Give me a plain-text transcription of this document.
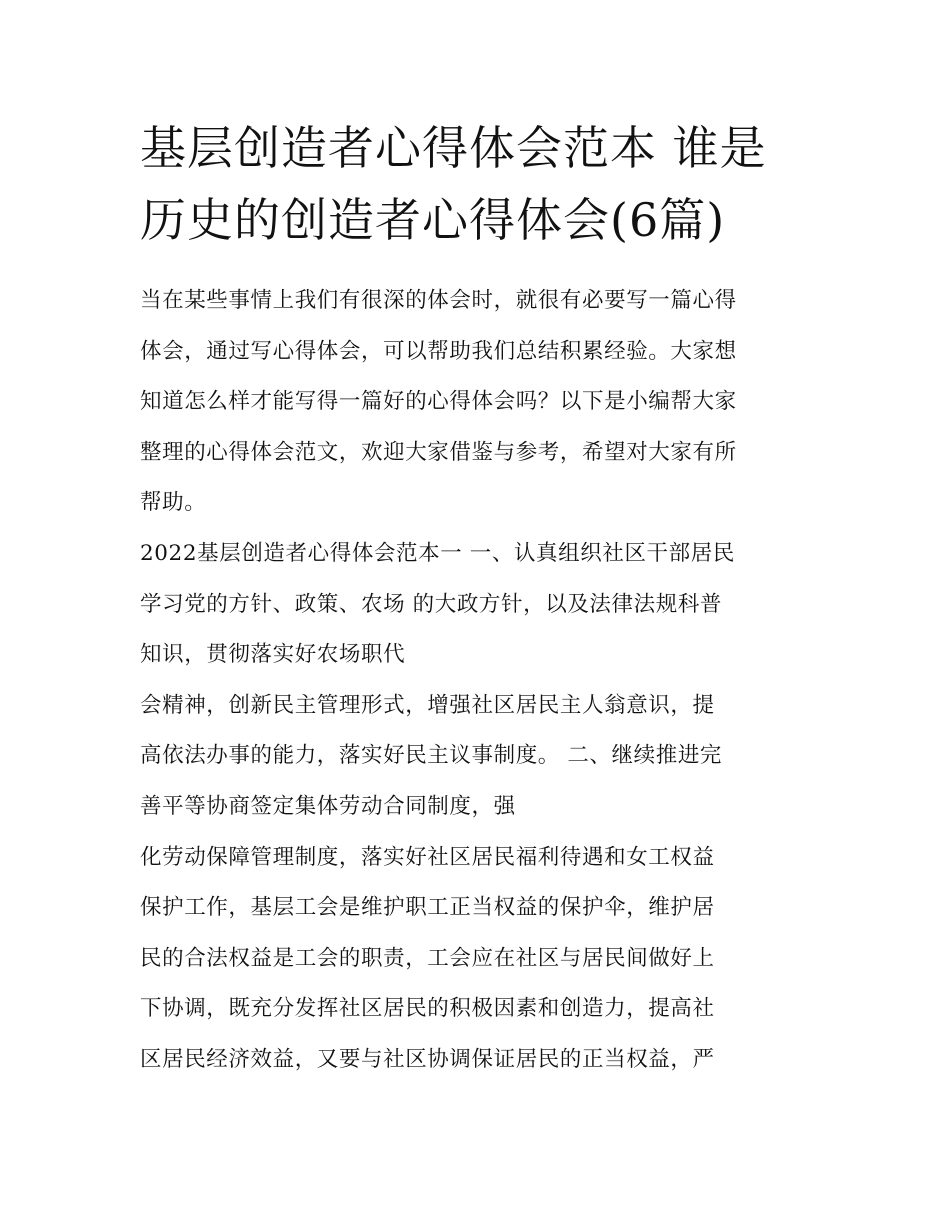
基层创造者心得体会范本 谁是
历史的创造者心得体会(6篇)
当在某些事情上我们有很深的体会时，就很有必要写一篇心得
体会，通过写心得体会，可以帮助我们总结积累经验。大家想
知道怎么样才能写得一篇好的心得体会吗？以下是小编帮大家
整理的心得体会范文，欢迎大家借鉴与参考，希望对大家有所
帮助。
2022基层创造者心得体会范本一 一、认真组织社区干部居民
学习党的方针、政策、农场 的大政方针，以及法律法规科普
知识，贯彻落实好农场职代
会精神，创新民主管理形式，增强社区居民主人翁意识，提
高依法办事的能力，落实好民主议事制度。 二、继续推进完
善平等协商签定集体劳动合同制度，强
化劳动保障管理制度，落实好社区居民福利待遇和女工权益
保护工作，基层工会是维护职工正当权益的保护伞，维护居
民的合法权益是工会的职责，工会应在社区与居民间做好上
下协调，既充分发挥社区居民的积极因素和创造力，提高社
区居民经济效益，又要与社区协调保证居民的正当权益，严
